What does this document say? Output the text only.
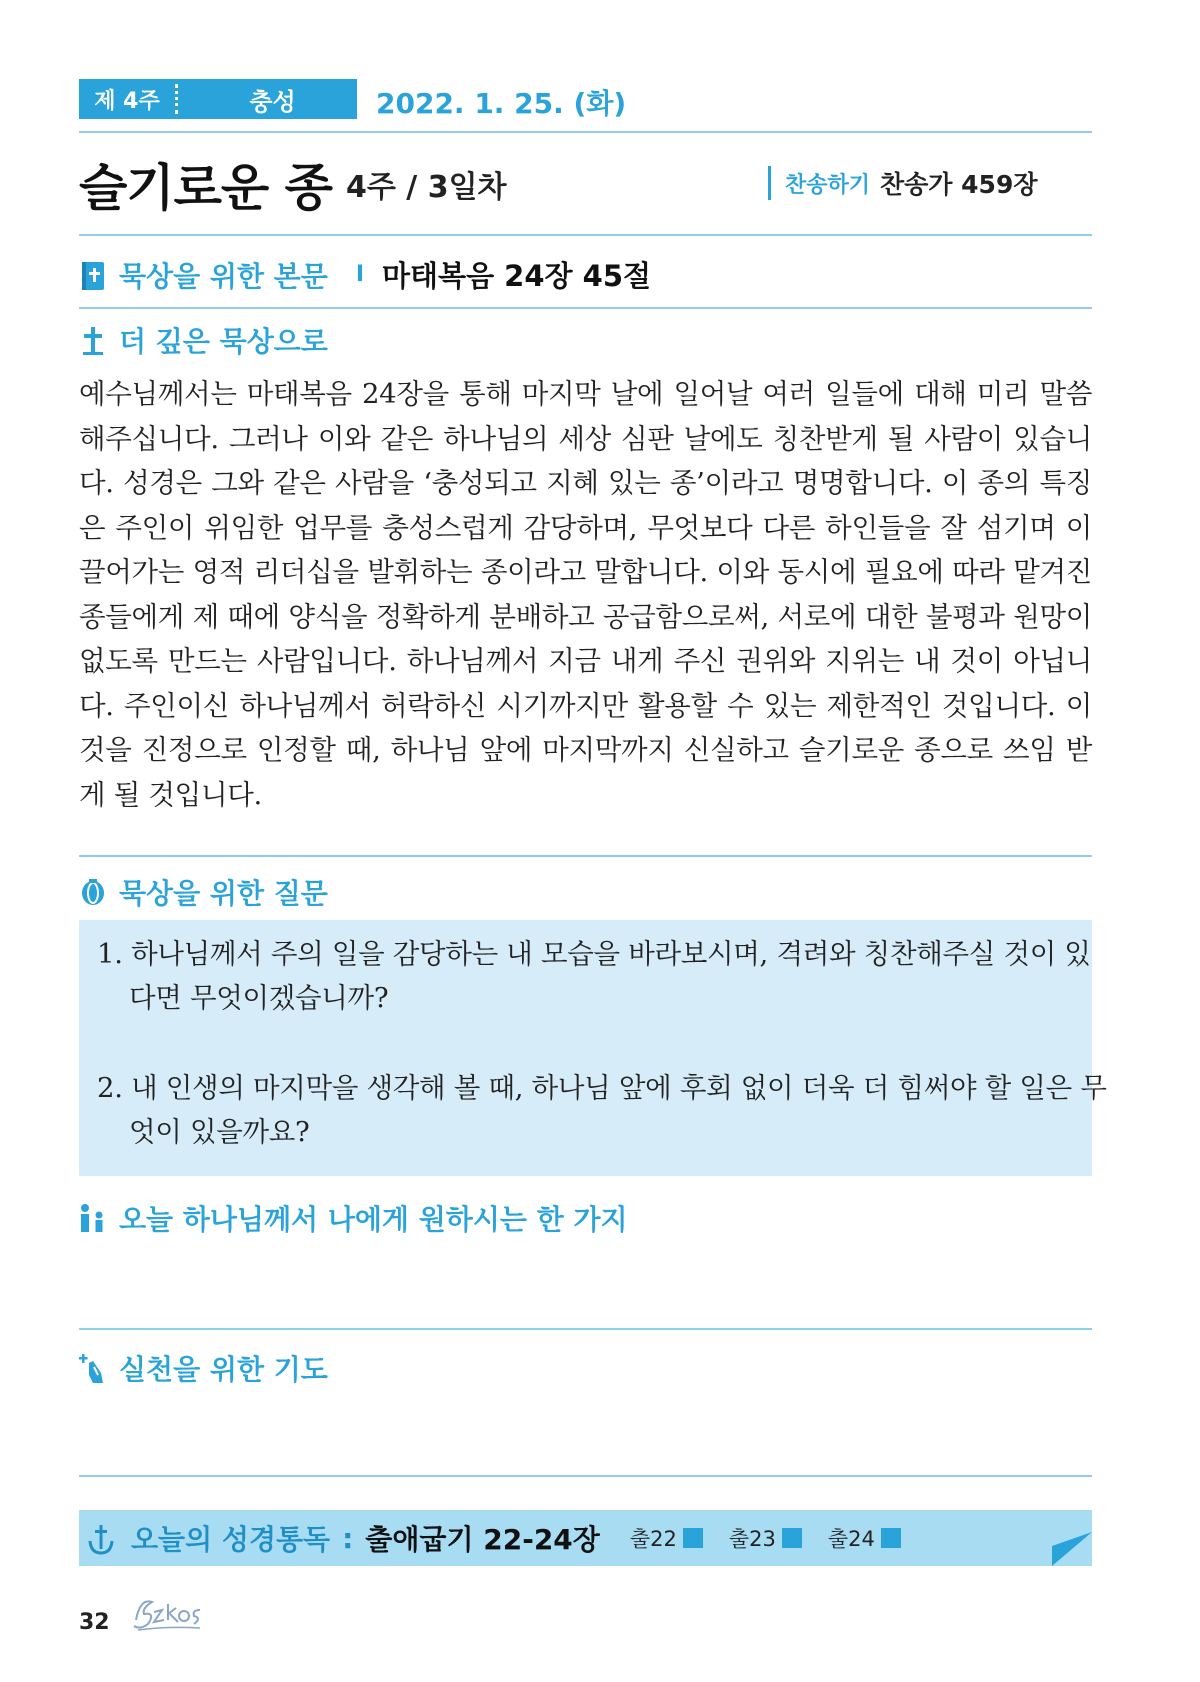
제 4주	충성	2022. 1. 25. (화)
슬기로운 종 4주 / 3일차	찬송하기 찬송가 459장
묵상을 위한 본문 I 마태복음 24장 45절
더 깊은 묵상으로
예수님께서는 마태복음 24장을 통해 마지막 날에 일어날 여러 일들에 대해 미리 말씀해주십니다. 그러나 이와 같은 하나님의 세상 심판 날에도 칭찬받게 될 사람이 있습니다. 성경은 그와 같은 사람을 ‘충성되고 지혜 있는 종’이라고 명명합니다. 이 종의 특징은 주인이 위임한 업무를 충성스럽게 감당하며, 무엇보다 다른 하인들을 잘 섬기며 이끌어가는 영적 리더십을 발휘하는 종이라고 말합니다. 이와 동시에 필요에 따라 맡겨진 종들에게 제 때에 양식을 정확하게 분배하고 공급함으로써, 서로에 대한 불평과 원망이 없도록 만드는 사람입니다. 하나님께서 지금 내게 주신 권위와 지위는 내 것이 아닙니다. 주인이신 하나님께서 허락하신 시기까지만 활용할 수 있는 제한적인 것입니다. 이것을 진정으로 인정할 때, 하나님 앞에 마지막까지 신실하고 슬기로운 종으로 쓰임 받게 될 것입니다.
묵상을 위한 질문
1. 하나님께서 주의 일을 감당하는 내 모습을 바라보시며, 격려와 칭찬해주실 것이 있다면 무엇이겠습니까?
2. 내 인생의 마지막을 생각해 볼 때, 하나님 앞에 후회 없이 더욱 더 힘써야 할 일은 무엇이 있을까요?
오늘 하나님께서 나에게 원하시는 한 가지
실천을 위한 기도
오늘의 성경통독 : 출애굽기 22-24장 출22 출23 출24
32
